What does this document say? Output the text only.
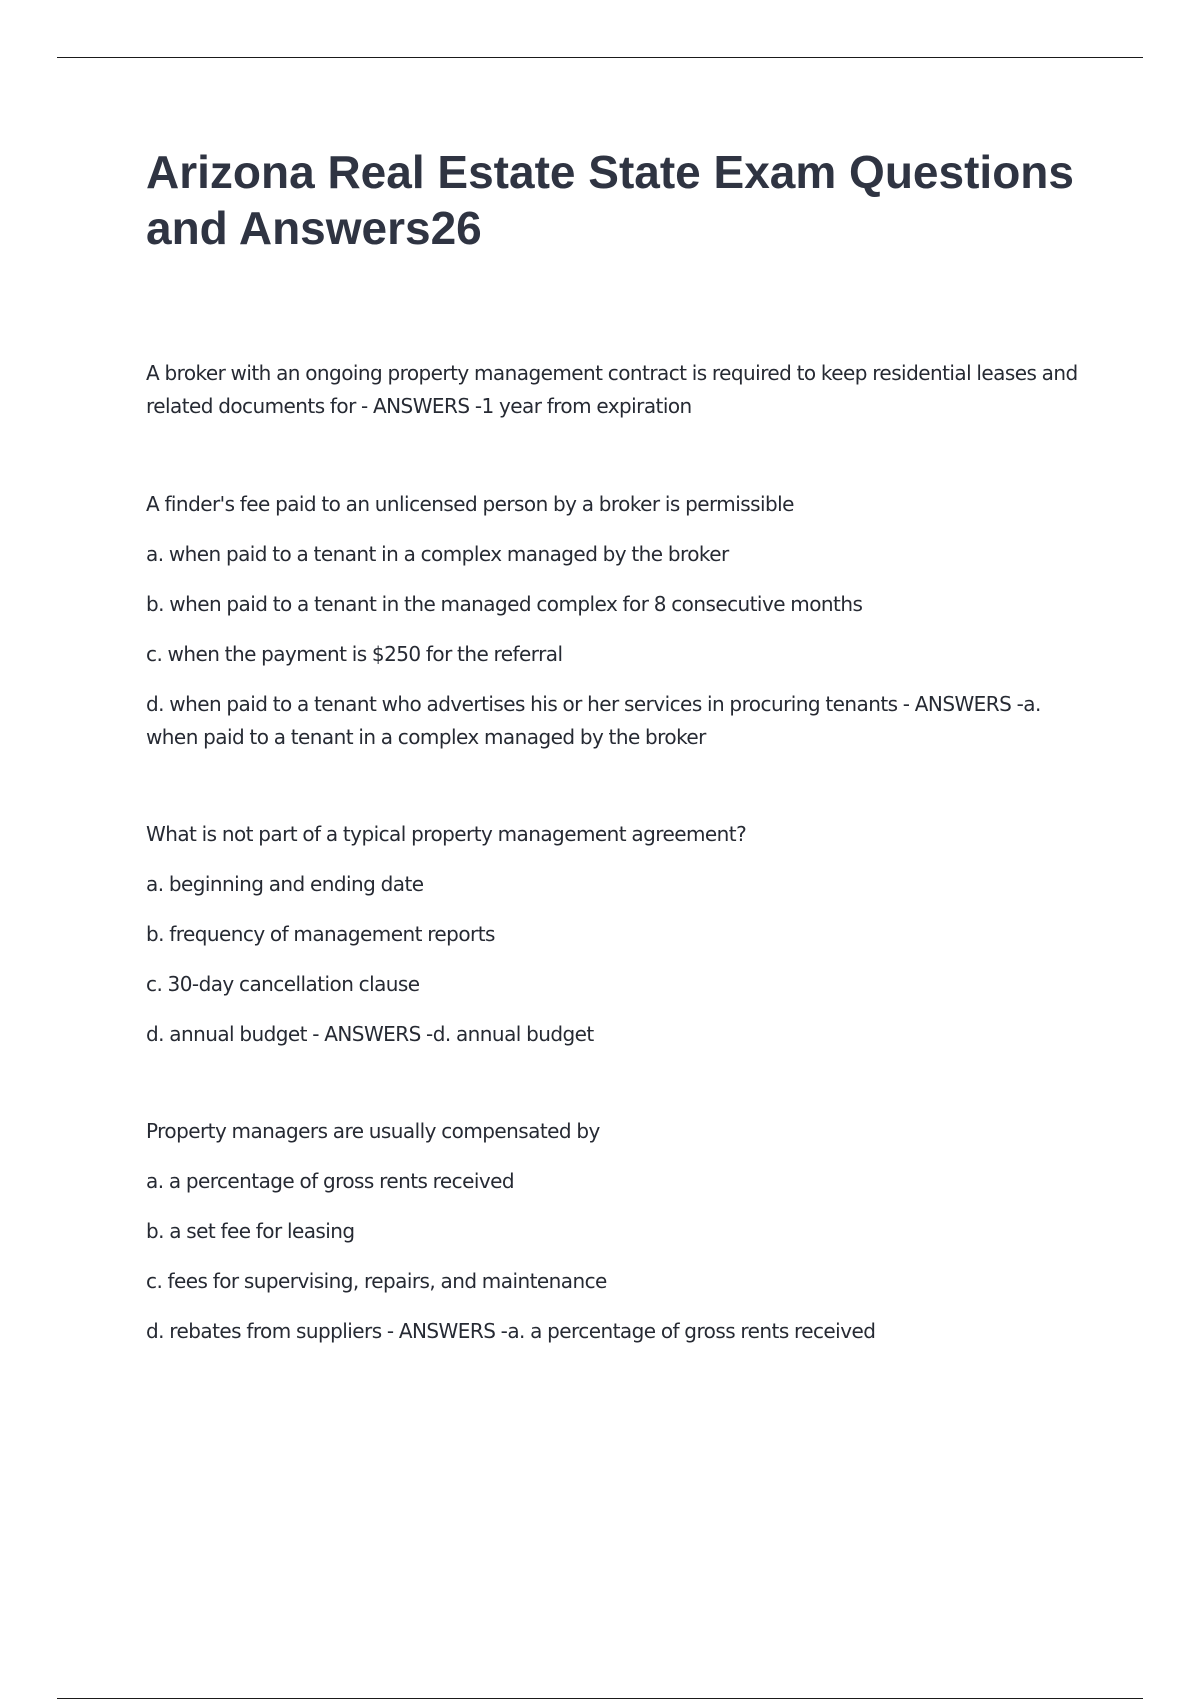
Arizona Real Estate State Exam Questions and Answers26

A broker with an ongoing property management contract is required to keep residential leases and related documents for - ANSWERS -1 year from expiration

A finder's fee paid to an unlicensed person by a broker is permissible

a. when paid to a tenant in a complex managed by the broker

b. when paid to a tenant in the managed complex for 8 consecutive months

c. when the payment is $250 for the referral

d. when paid to a tenant who advertises his or her services in procuring tenants - ANSWERS -a. when paid to a tenant in a complex managed by the broker

What is not part of a typical property management agreement?

a. beginning and ending date

b. frequency of management reports

c. 30-day cancellation clause

d. annual budget - ANSWERS -d. annual budget

Property managers are usually compensated by

a. a percentage of gross rents received

b. a set fee for leasing

c. fees for supervising, repairs, and maintenance

d. rebates from suppliers - ANSWERS -a. a percentage of gross rents received
